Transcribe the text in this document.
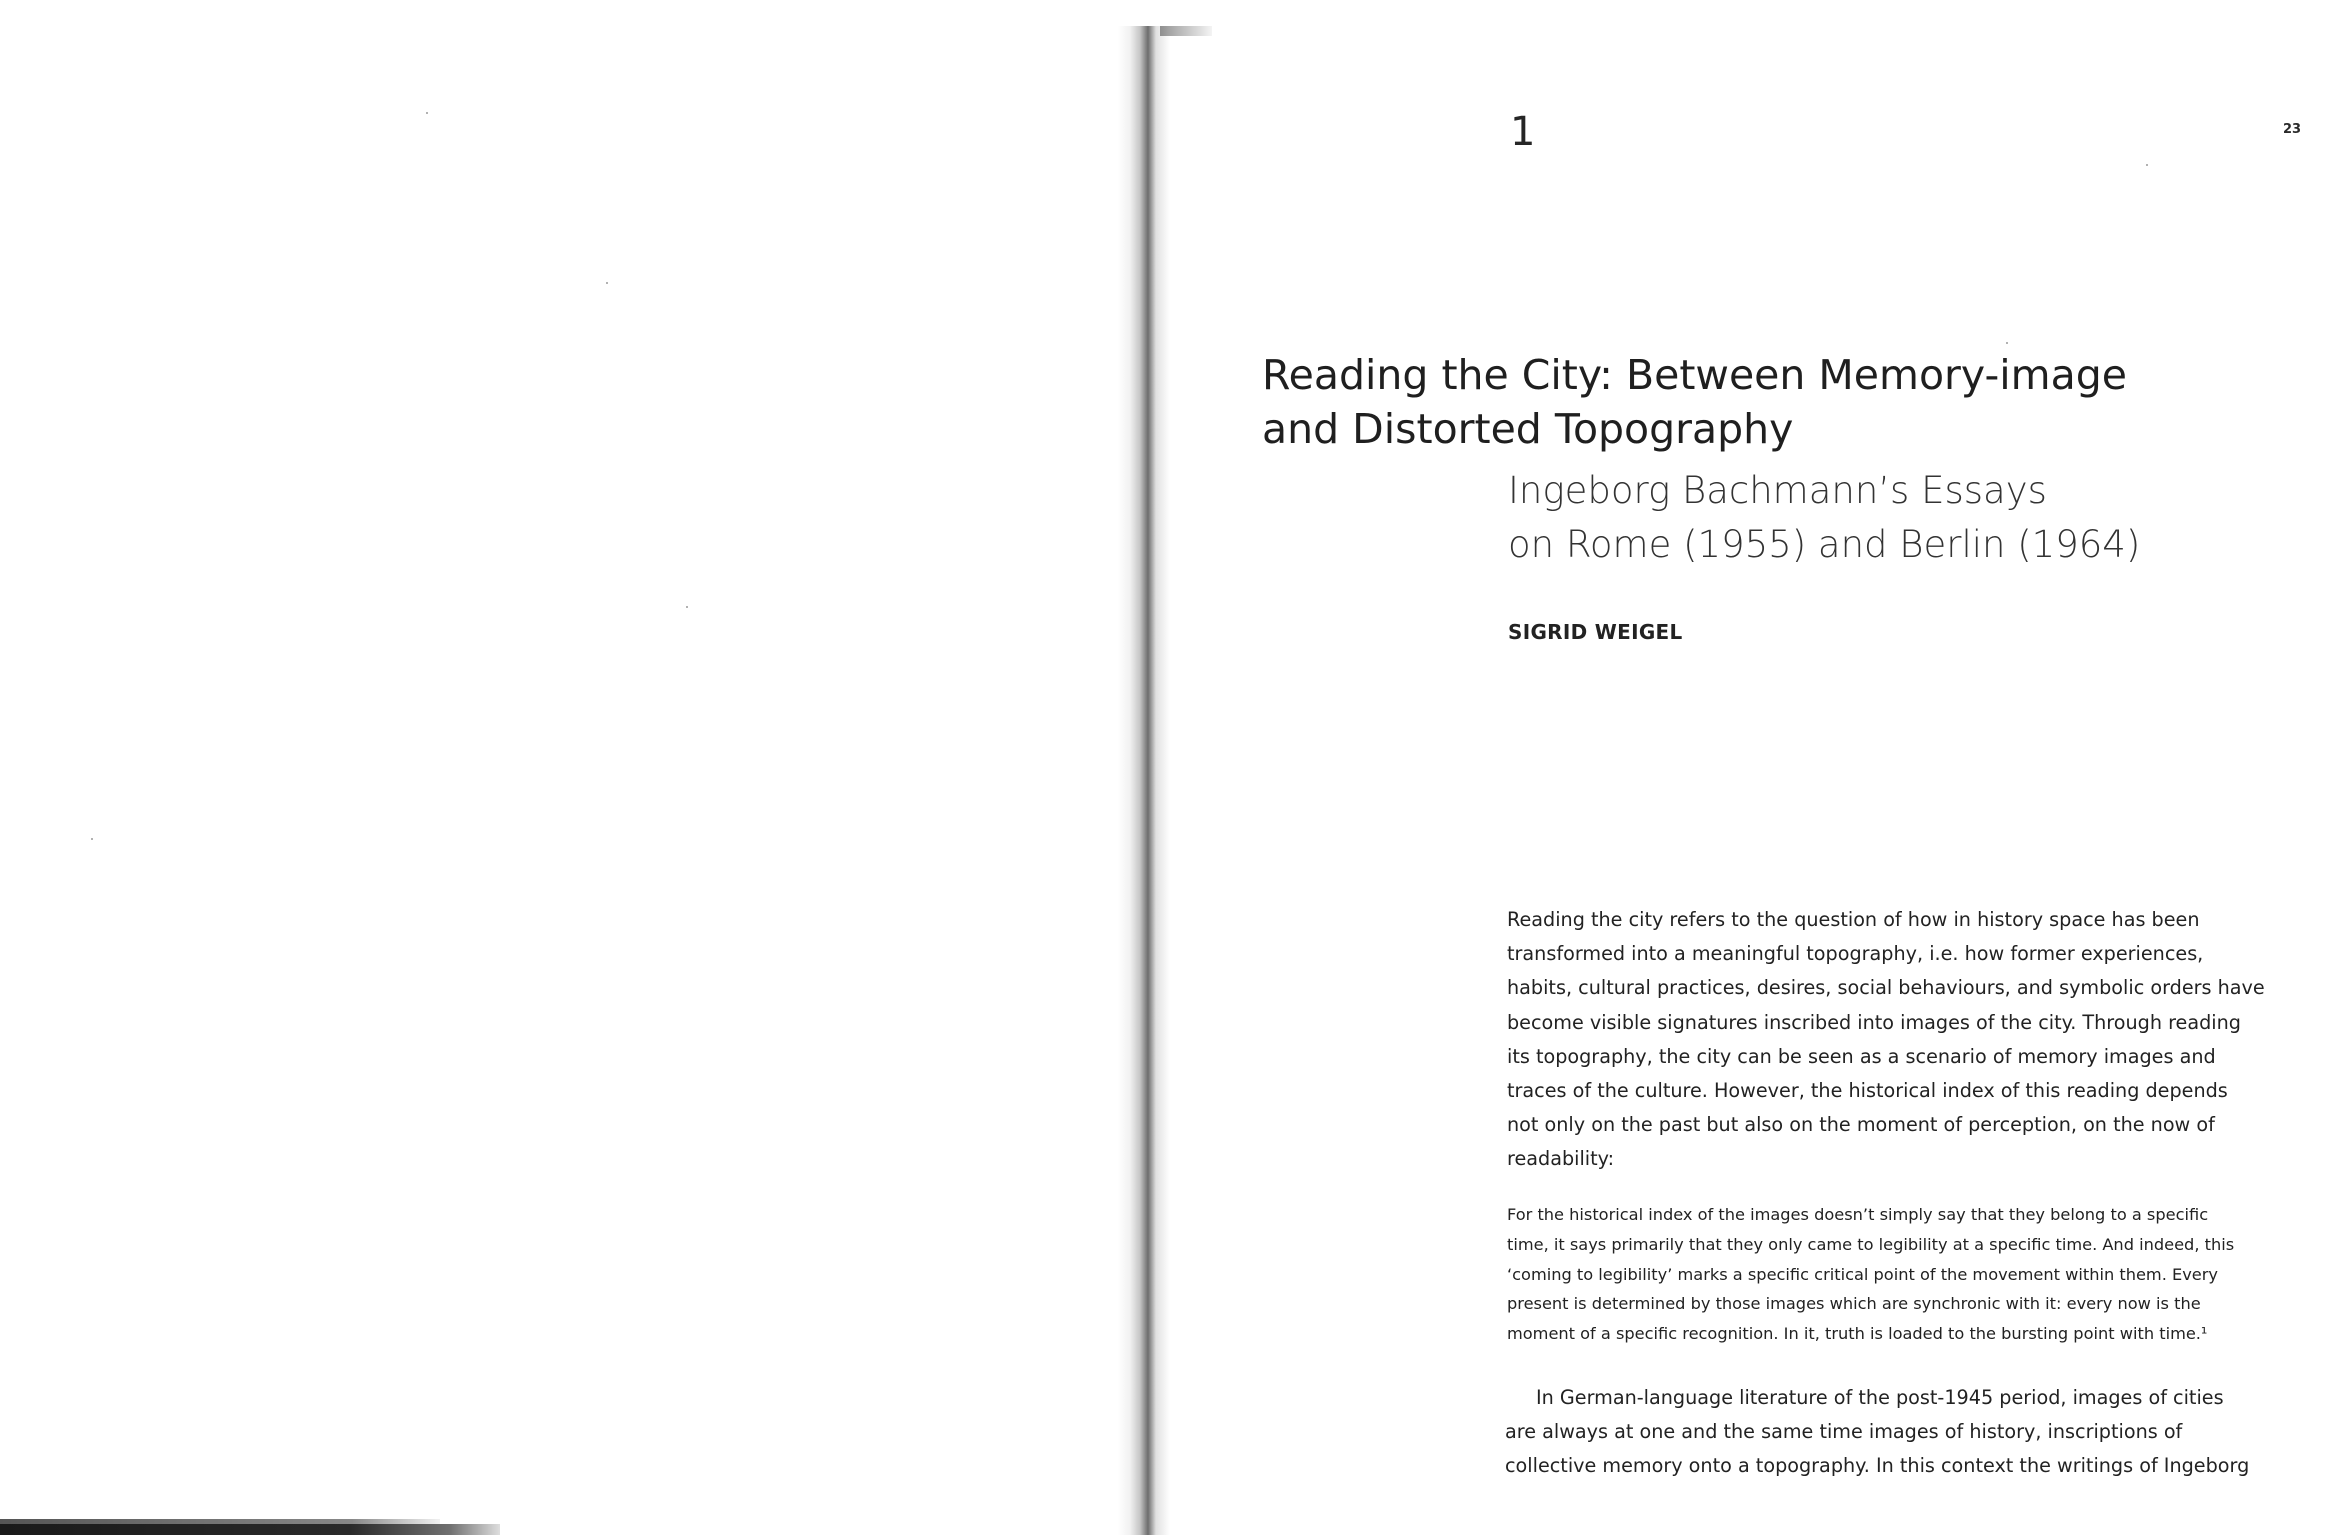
1	23
Reading the City: Between Memory-image
and Distorted Topography
Ingeborg Bachmann’s Essays
on Rome (1955) and Berlin (1964)
SIGRID WEIGEL
Reading the city refers to the question of how in history space has been
transformed into a meaningful topography, i.e. how former experiences,
habits, cultural practices, desires, social behaviours, and symbolic orders have
become visible signatures inscribed into images of the city. Through reading
its topography, the city can be seen as a scenario of memory images and
traces of the culture. However, the historical index of this reading depends
not only on the past but also on the moment of perception, on the now of
readability:
For the historical index of the images doesn’t simply say that they belong to a specific
time, it says primarily that they only came to legibility at a specific time. And indeed, this
‘coming to legibility’ marks a specific critical point of the movement within them. Every
present is determined by those images which are synchronic with it: every now is the
moment of a specific recognition. In it, truth is loaded to the bursting point with time.¹
In German-language literature of the post-1945 period, images of cities
are always at one and the same time images of history, inscriptions of
collective memory onto a topography. In this context the writings of Ingeborg
